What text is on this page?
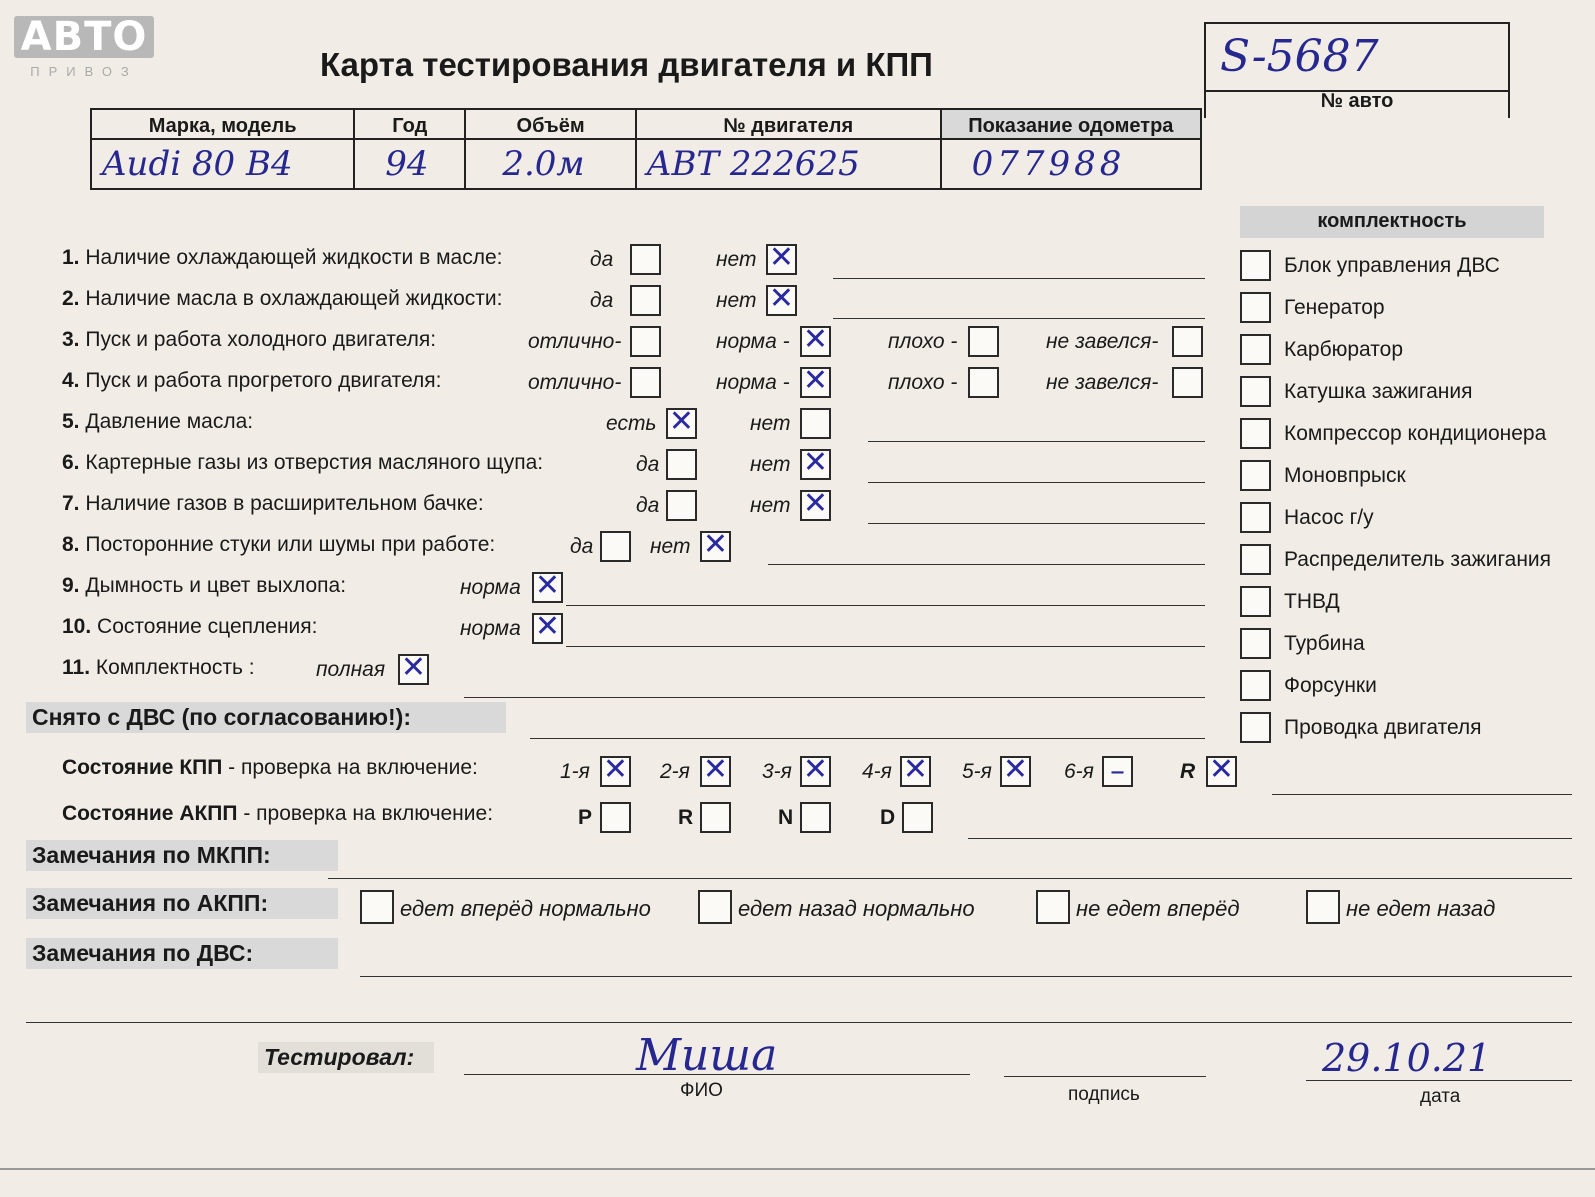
АВТО
ПРИВОЗ	Карта тестирования двигателя и КПП	S-5687
№ авто
Марка, модель	Год	Объём	№ двигателя	Показание одометра

Audi 80 B4	94	2.0м	ABT 222625	077988
комплектность
1. Наличие охлаждающей жидкости в масле:	да	нет ✕
2. Наличие масла в охлаждающей жидкости:	да	нет ✕
3. Пуск и работа холодного двигателя:	отлично-	норма - ✕	плохо -	не завелся-
4. Пуск и работа прогретого двигателя:	отлично-	норма - ✕	плохо -	не завелся-
5. Давление масла:	есть ✕	нет
6. Картерные газы из отверстия масляного щупа:	да	нет ✕
7. Наличие газов в расширительном бачке:	да	нет ✕
8. Посторонние стуки или шумы при работе:	да	нет ✕
9. Дымность и цвет выхлопа:	норма ✕
10. Состояние сцепления:	норма ✕
11. Комплектность :	полная ✕
Блок управления ДВС
Генератор
Карбюратор
Катушка зажигания
Компрессор кондиционера
Моновпрыск
Насос г/у
Распределитель зажигания
ТНВД
Турбина
Форсунки
Проводка двигателя
Снято с ДВС (по согласованию!):
Состояние КПП - проверка на включение:	1-я ✕ 2-я ✕ 3-я ✕ 4-я ✕ 5-я ✕ 6-я –	R ✕
Состояние АКПП - проверка на включение:	P	R	N	D
Замечания по МКПП:
Замечания по АКПП:	едет вперёд нормально	едет назад нормально	не едет вперёд	не едет назад
Замечания по ДВС:
Тестировал:	Миша
ФИО	подпись
29.10.21
дата
